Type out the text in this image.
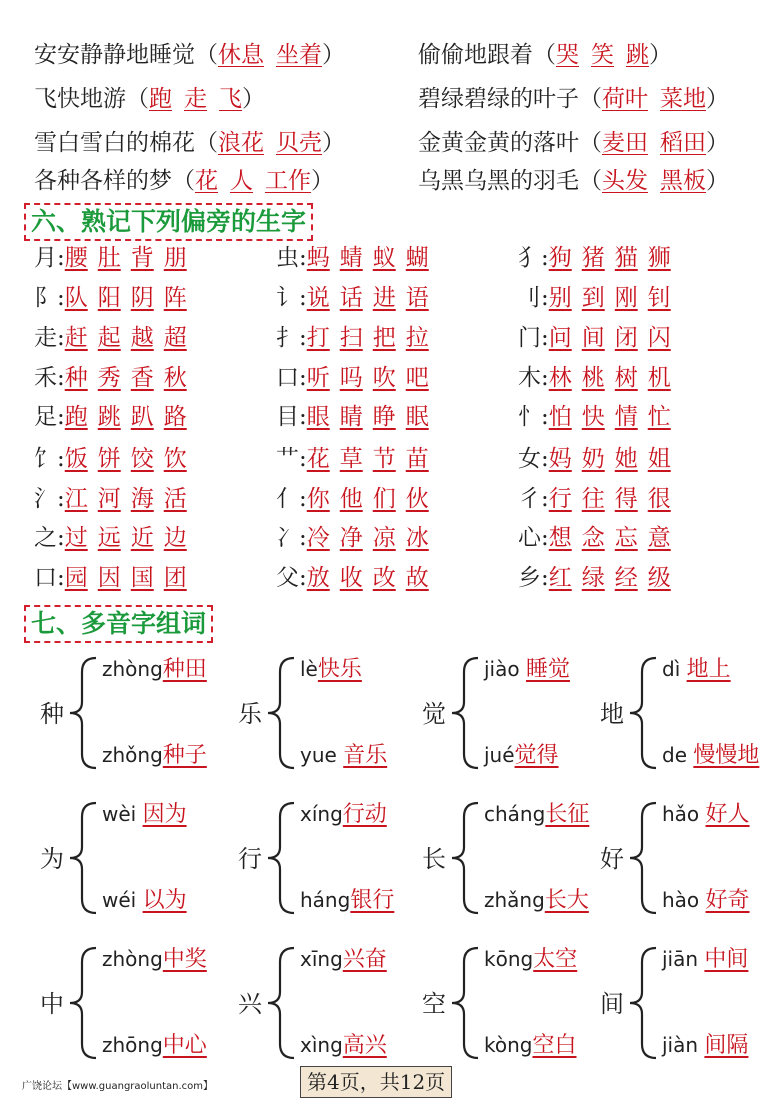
安安静静地睡觉（休息 坐着）	偷偷地跟着（哭 笑 跳）
飞快地游（跑 走 飞）	碧绿碧绿的叶子（荷叶 菜地）
雪白雪白的棉花（浪花 贝壳）	金黄金黄的落叶（麦田 稻田）
各种各样的梦（花 人 工作）	乌黑乌黑的羽毛（头发 黑板）
六、熟记下列偏旁的生字
月:腰 肚 背 朋	虫:蚂 蜻 蚁 蝴	犭:狗 猪 猫 狮
阝:队 阳 阴 阵	讠:说 话 进 语	刂:别 到 刚 钊
走:赶 起 越 超	扌:打 扫 把 拉	门:问 间 闭 闪
禾:种 秀 香 秋	口:听 吗 吹 吧	木:林 桃 树 机
足:跑 跳 趴 路	目:眼 睛 睁 眠	忄:怕 快 情 忙
饣:饭 饼 饺 饮	艹:花 草 节 苗	女:妈 奶 她 姐
氵:江 河 海 活	亻:你 他 们 伙	彳:行 往 得 很
之:过 远 近 边	冫:冷 净 凉 冰	心:想 念 忘 意
口:园 因 国 团	父:放 收 改 故	乡:红 绿 经 级
七、多音字组词
种
zhòng种田
zhǒng种子
乐
lè快乐
yue 音乐
觉
jiào 睡觉
jué觉得
地
dì 地上
de 慢慢地
为
wèi 因为
wéi 以为
行
xíng行动
háng银行
长
cháng长征
zhǎng长大
好
hǎo 好人
hào 好奇
中
zhòng中奖
zhōng中心
兴
xīng兴奋
xìng高兴
空
kōng太空
kòng空白
间
jiān 中间
jiàn 间隔
广饶论坛【www.guangraoluntan.com】	第4页，共12页
